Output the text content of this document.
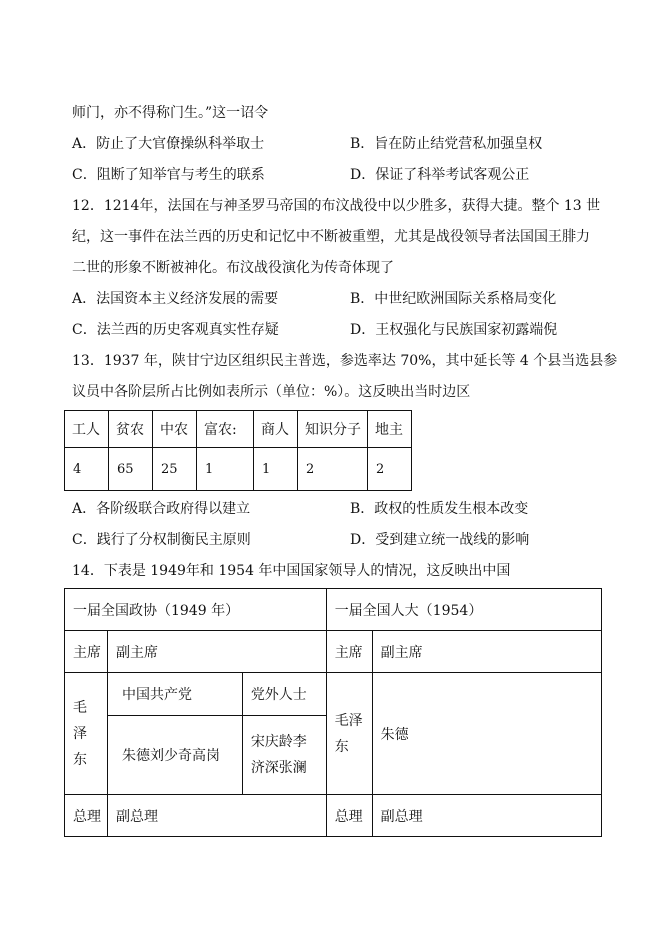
师门，亦不得称门生。”这一诏令
A．防止了大官僚操纵科举取士	B．旨在防止结党营私加强皇权
C．阻断了知举官与考生的联系	D．保证了科举考试客观公正
12．1214年，法国在与神圣罗马帝国的布汶战役中以少胜多，获得大捷。整个 13 世
纪，这一事件在法兰西的历史和记忆中不断被重塑，尤其是战役领导者法国国王腓力
二世的形象不断被神化。布汶战役演化为传奇体现了
A．法国资本主义经济发展的需要	B．中世纪欧洲国际关系格局变化
C．法兰西的历史客观真实性存疑	D．王权强化与民族国家初露端倪
13．1937 年，陕甘宁边区组织民主普选，参选率达 70%，其中延长等 4 个县当选县参
议员中各阶层所占比例如表所示（单位：%）。这反映出当时边区
工人	贫农	中农	富农:	商人	知识分子	地主
4	65	25	1	1	2	2
A．各阶级联合政府得以建立	B．政权的性质发生根本改变
C．践行了分权制衡民主原则	D．受到建立统一战线的影响
14．下表是 1949年和 1954 年中国国家领导人的情况，这反映出中国
一届全国政协（1949 年）			一届全国人大（1954）	
主席	副主席		主席	副主席
毛泽东	中国共产党	党外人士	毛泽东	朱德
	朱德刘少奇高岗	宋庆龄李济深张澜		
总理	副总理		总理	副总理
